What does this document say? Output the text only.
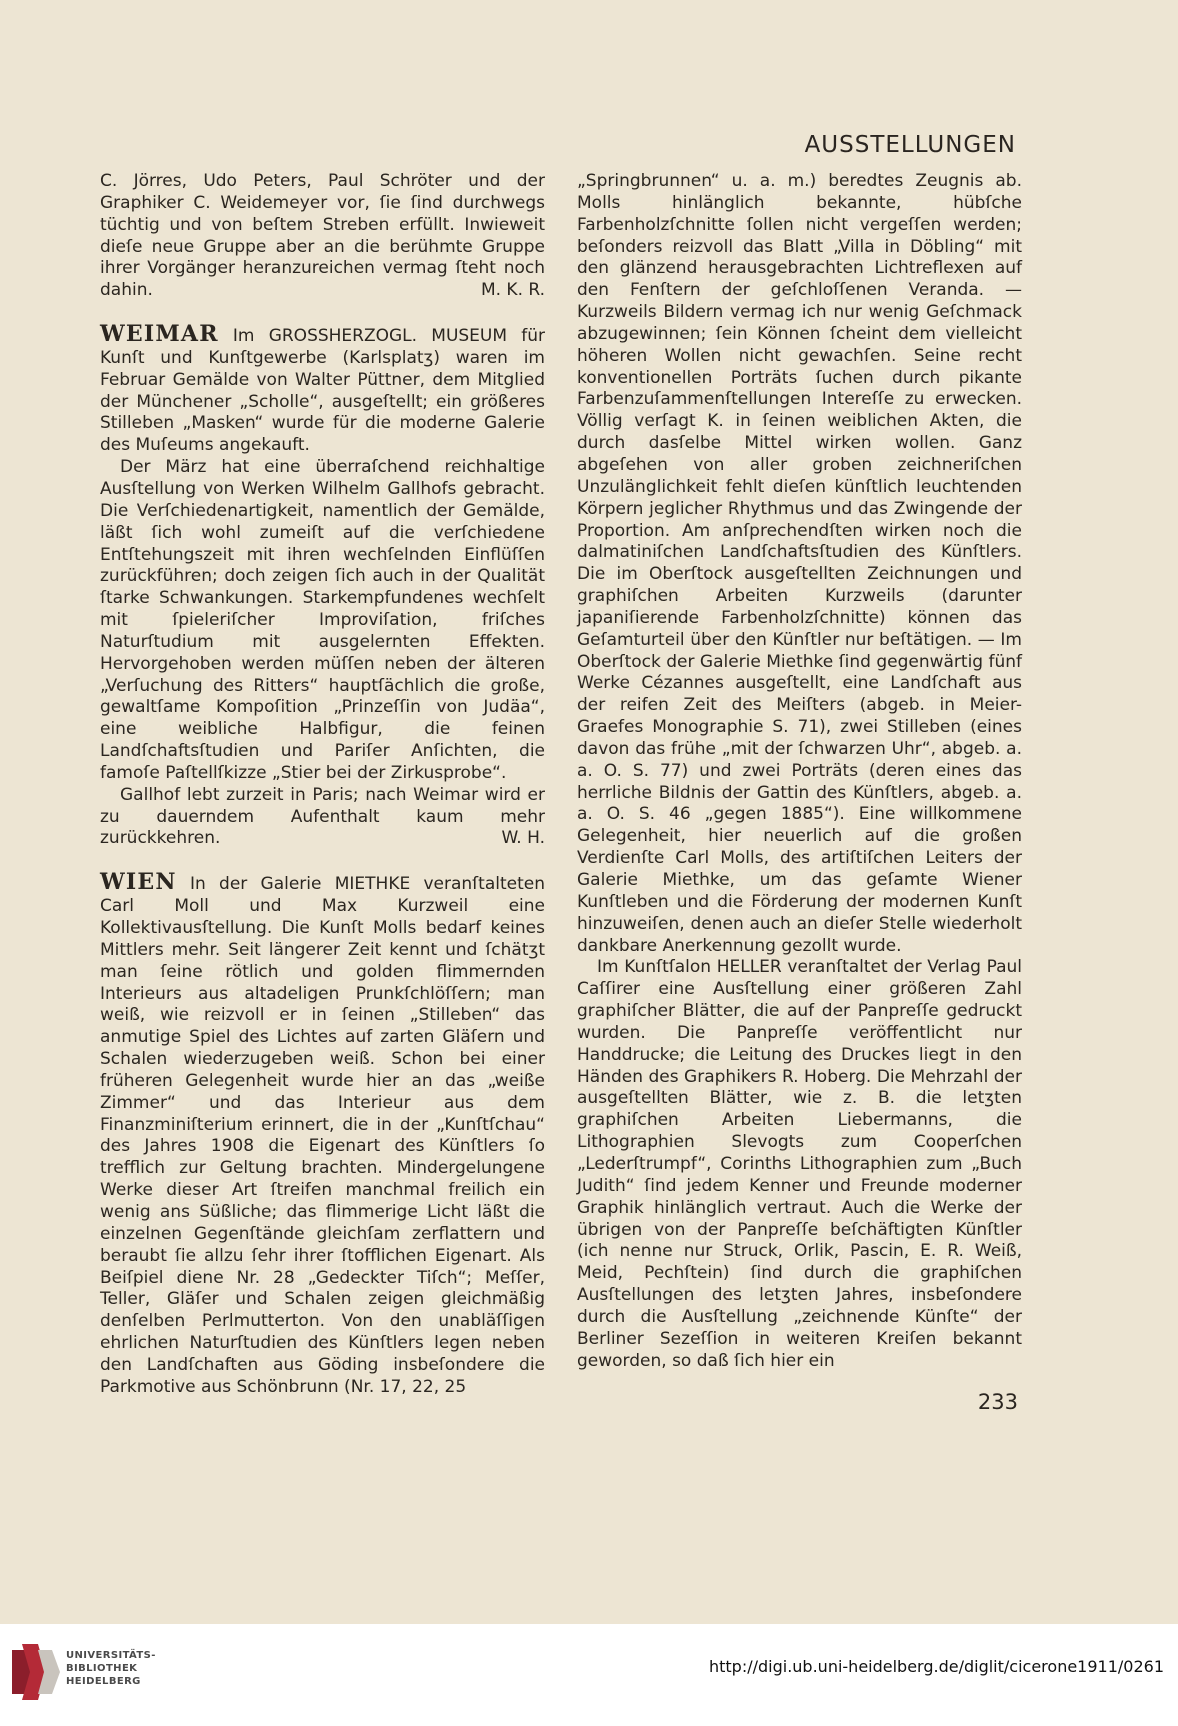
AUSSTELLUNGEN

C. Jörres, Udo Peters, Paul Schröter und der Graphiker C. Weidemeyer vor, ſie ſind durchwegs tüchtig und von beſtem Streben erfüllt. Inwieweit dieſe neue Gruppe aber an die berühmte Gruppe ihrer Vorgänger heranzureichen vermag ſteht noch dahin.	M. K. R.

WEIMAR Im GROSSHERZOGL. MUSEUM für Kunſt und Kunſtgewerbe (Karlsplatʒ) waren im Februar Gemälde von Walter Püttner, dem Mitglied der Münchener „Scholle“, ausgeſtellt; ein größeres Stilleben „Masken“ wurde für die moderne Galerie des Muſeums angekauft.

Der März hat eine überraſchend reichhaltige Ausſtellung von Werken Wilhelm Gallhofs gebracht. Die Verſchiedenartigkeit, namentlich der Gemälde, läßt ſich wohl zumeiſt auf die verſchiedene Entſtehungszeit mit ihren wechſelnden Einflüſſen zurückführen; doch zeigen ſich auch in der Qualität ſtarke Schwankungen. Starkempfundenes wechſelt mit ſpieleriſcher Improviſation, friſches Naturſtudium mit ausgelernten Effekten. Hervorgehoben werden müſſen neben der älteren „Verſuchung des Ritters“ hauptſächlich die große, gewaltſame Kompoſition „Prinzeſſin von Judäa“, eine weibliche Halbfigur, die feinen Landſchaftsſtudien und Pariſer Anſichten, die famoſe Paſtellſkizze „Stier bei der Zirkusprobe“.

Gallhof lebt zurzeit in Paris; nach Weimar wird er zu dauerndem Aufenthalt kaum mehr zurückkehren.	W. H.

WIEN In der Galerie MIETHKE veranſtalteten Carl Moll und Max Kurzweil eine Kollektivausſtellung. Die Kunſt Molls bedarf keines Mittlers mehr. Seit längerer Zeit kennt und ſchätʒt man ſeine rötlich und golden flimmernden Interieurs aus altadeligen Prunkſchlöſſern; man weiß, wie reizvoll er in ſeinen „Stilleben“ das anmutige Spiel des Lichtes auf zarten Gläſern und Schalen wiederzugeben weiß. Schon bei einer früheren Gelegenheit wurde hier an das „weiße Zimmer“ und das Interieur aus dem Finanzminiſterium erinnert, die in der „Kunſtſchau“ des Jahres 1908 die Eigenart des Künſtlers ſo trefflich zur Geltung brachten. Mindergelungene Werke dieser Art ſtreifen manchmal freilich ein wenig ans Süßliche; das flimmerige Licht läßt die einzelnen Gegenſtände gleichſam zerflattern und beraubt ſie allzu ſehr ihrer ſtofflichen Eigenart. Als Beiſpiel diene Nr. 28 „Gedeckter Tiſch“; Meſſer, Teller, Gläſer und Schalen zeigen gleichmäßig denſelben Perlmutterton. Von den unabläſſigen ehrlichen Naturſtudien des Künſtlers legen neben den Landſchaften aus Göding insbeſondere die Parkmotive aus Schönbrunn (Nr. 17, 22, 25

„Springbrunnen“ u. a. m.) beredtes Zeugnis ab. Molls hinlänglich bekannte, hübſche Farbenholzſchnitte ſollen nicht vergeſſen werden; beſonders reizvoll das Blatt „Villa in Döbling“ mit den glänzend herausgebrachten Lichtreflexen auf den Fenſtern der geſchloſſenen Veranda. — Kurzweils Bildern vermag ich nur wenig Geſchmack abzugewinnen; ſein Können ſcheint dem vielleicht höheren Wollen nicht gewachſen. Seine recht konventionellen Porträts ſuchen durch pikante Farbenzuſammenſtellungen Intereſſe zu erwecken. Völlig verſagt K. in ſeinen weiblichen Akten, die durch dasſelbe Mittel wirken wollen. Ganz abgeſehen von aller groben zeichneriſchen Unzulänglichkeit fehlt dieſen künſtlich leuchtenden Körpern jeglicher Rhythmus und das Zwingende der Proportion. Am anſprechendſten wirken noch die dalmatiniſchen Landſchaftsſtudien des Künſtlers. Die im Oberſtock ausgeſtellten Zeichnungen und graphiſchen Arbeiten Kurzweils (darunter japaniſierende Farbenholzſchnitte) können das Geſamturteil über den Künſtler nur beſtätigen. — Im Oberſtock der Galerie Miethke ſind gegenwärtig fünf Werke Cézannes ausgeſtellt, eine Landſchaft aus der reifen Zeit des Meiſters (abgeb. in Meier-Graefes Monographie S. 71), zwei Stilleben (eines davon das frühe „mit der ſchwarzen Uhr“, abgeb. a. a. O. S. 77) und zwei Porträts (deren eines das herrliche Bildnis der Gattin des Künſtlers, abgeb. a. a. O. S. 46 „gegen 1885“). Eine willkommene Gelegenheit, hier neuerlich auf die großen Verdienſte Carl Molls, des artiſtiſchen Leiters der Galerie Miethke, um das geſamte Wiener Kunſtleben und die Förderung der modernen Kunſt hinzuweiſen, denen auch an dieſer Stelle wiederholt dankbare Anerkennung gezollt wurde.

Im Kunſtſalon HELLER veranſtaltet der Verlag Paul Caſſirer eine Ausſtellung einer größeren Zahl graphiſcher Blätter, die auf der Panpreſſe gedruckt wurden. Die Panpreſſe veröffentlicht nur Handdrucke; die Leitung des Druckes liegt in den Händen des Graphikers R. Hoberg. Die Mehrzahl der ausgeſtellten Blätter, wie z. B. die letʒten graphiſchen Arbeiten Liebermanns, die Lithographien Slevogts zum Cooperſchen „Lederſtrumpf“, Corinths Lithographien zum „Buch Judith“ ſind jedem Kenner und Freunde moderner Graphik hinlänglich vertraut. Auch die Werke der übrigen von der Panpreſſe beſchäftigten Künſtler (ich nenne nur Struck, Orlik, Pascin, E. R. Weiß, Meid, Pechſtein) ſind durch die graphiſchen Ausſtellungen des letʒten Jahres, insbeſondere durch die Ausſtellung „zeichnende Künſte“ der Berliner Sezeſſion in weiteren Kreiſen bekannt geworden, so daß ſich hier ein

233
UNIVERSITÄTS-
BIBLIOTHEK
HEIDELBERG
http://digi.ub.uni-heidelberg.de/diglit/cicerone1911/0261
